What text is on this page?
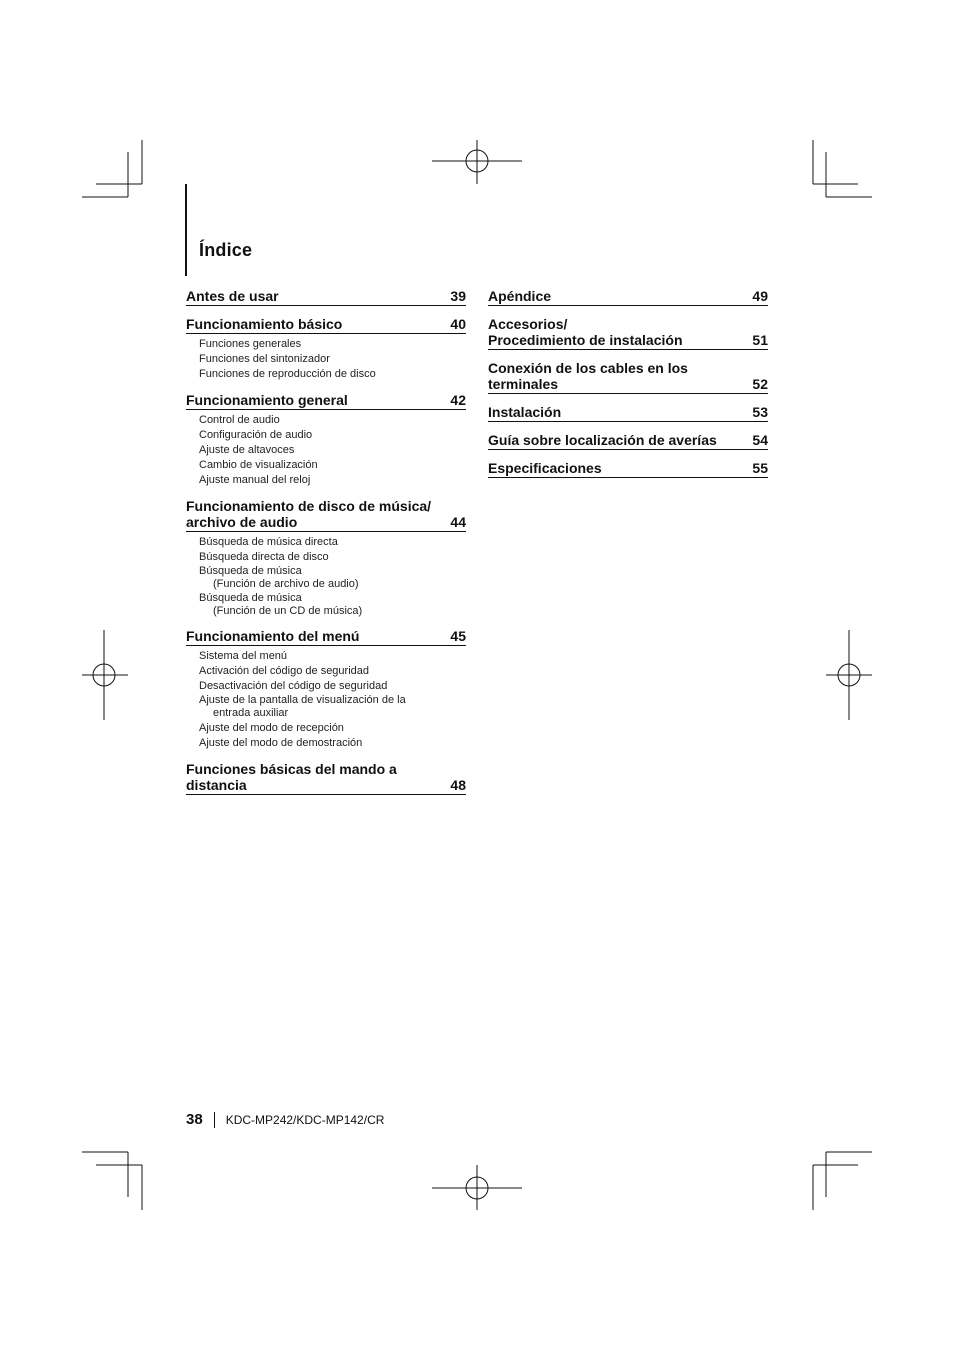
Índice
Antes de usar	39
Funcionamiento básico	40
Funciones generales
Funciones del sintonizador
Funciones de reproducción de disco
Funcionamiento general	42
Control de audio
Configuración de audio
Ajuste de altavoces
Cambio de visualización
Ajuste manual del reloj
Funcionamiento de disco de música/
archivo de audio	44
Búsqueda de música directa
Búsqueda directa de disco
Búsqueda de música
(Función de archivo de audio)
Búsqueda de música
(Función de un CD de música)
Funcionamiento del menú	45
Sistema del menú
Activación del código de seguridad
Desactivación del código de seguridad
Ajuste de la pantalla de visualización de la
entrada auxiliar
Ajuste del modo de recepción
Ajuste del modo de demostración
Funciones básicas del mando a
distancia	48
Apéndice	49
Accesorios/
Procedimiento de instalación	51
Conexión de los cables en los
terminales	52
Instalación	53
Guía sobre localización de averías	54
Especificaciones	55
38 KDC-MP242/KDC-MP142/CR
